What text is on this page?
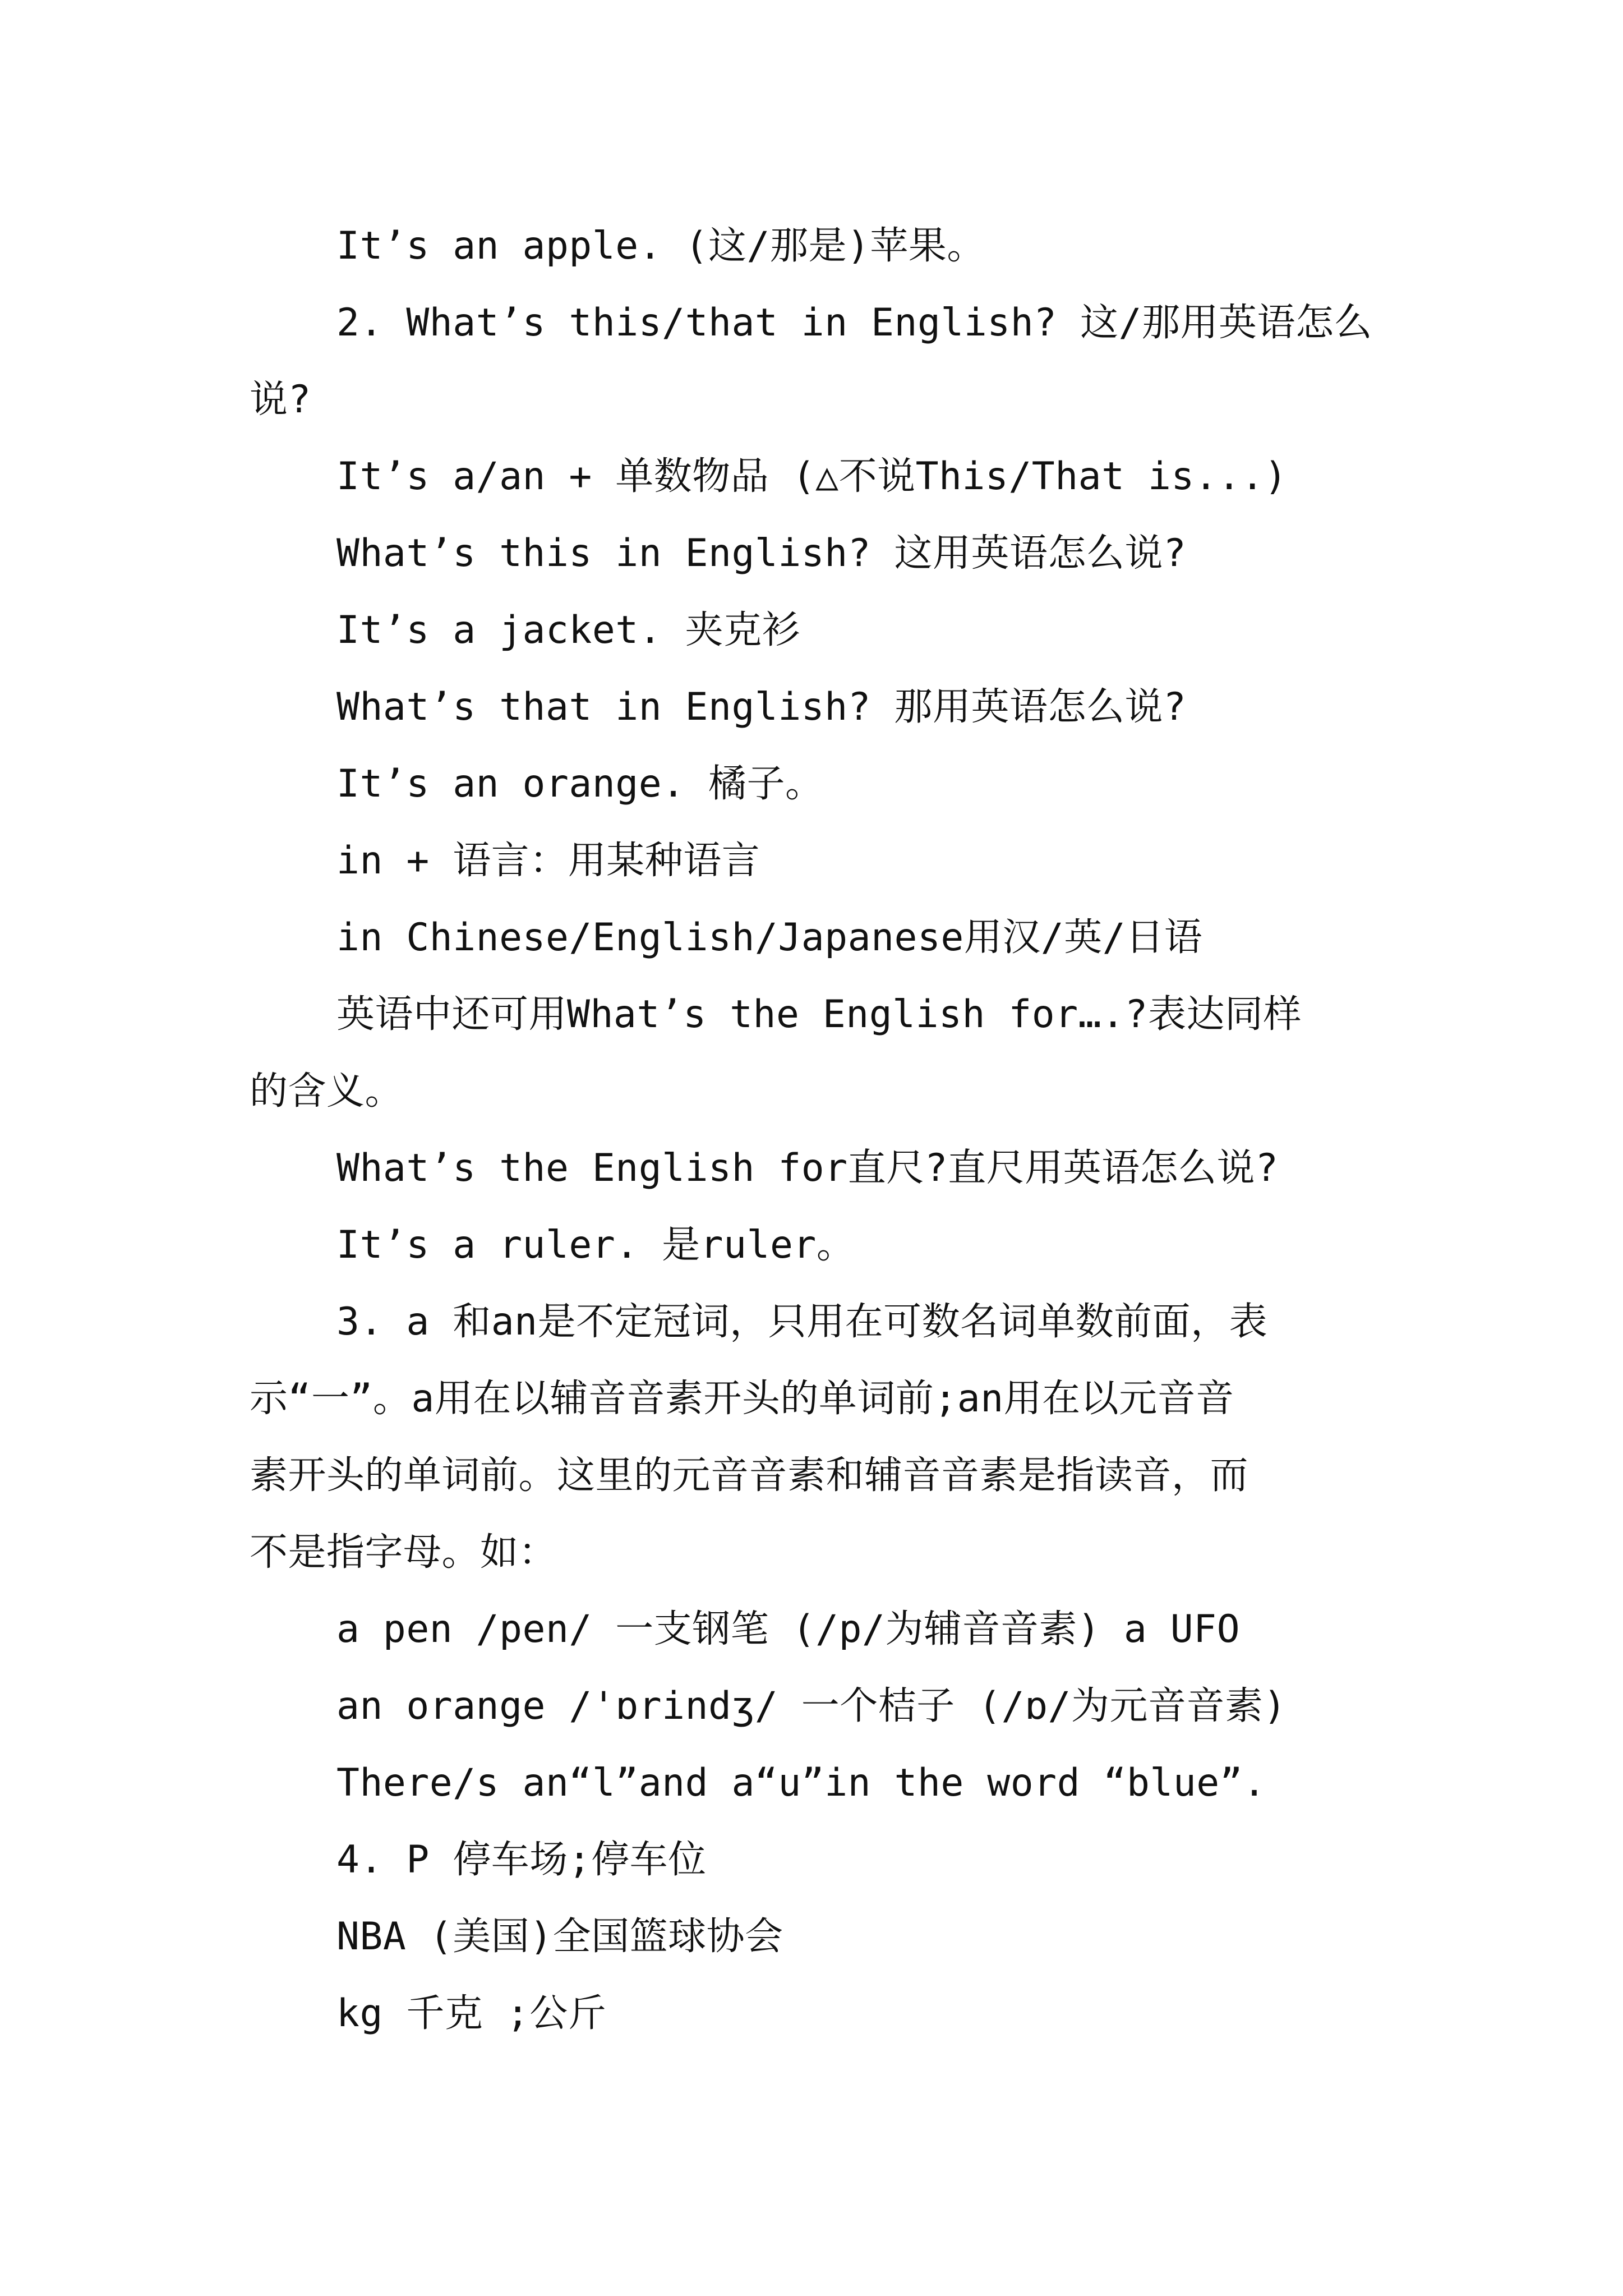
It’s an apple. (这/那是)苹果。
2. What’s this/that in English? 这/那用英语怎么
说?
It’s a/an + 单数物品 (△不说This/That is...)
What’s this in English? 这用英语怎么说?
It’s a jacket. 夹克衫
What’s that in English? 那用英语怎么说?
It’s an orange. 橘子。
in + 语言：用某种语言
in Chinese/English/Japanese用汉/英/日语
英语中还可用What’s the English for….?表达同样
的含义。
What’s the English for直尺?直尺用英语怎么说?
It’s a ruler. 是ruler。
3. a 和an是不定冠词，只用在可数名词单数前面，表
示“一”。a用在以辅音音素开头的单词前;an用在以元音音
素开头的单词前。这里的元音音素和辅音音素是指读音，而
不是指字母。如：
a pen /pen/ 一支钢笔 (/p/为辅音音素) a UFO
an orange /'ɒrindʒ/ 一个桔子 (/ɒ/为元音音素)
There/s an“l”and a“u”in the word “blue”.
4. P 停车场;停车位
NBA (美国)全国篮球协会
kg 千克 ;公斤
